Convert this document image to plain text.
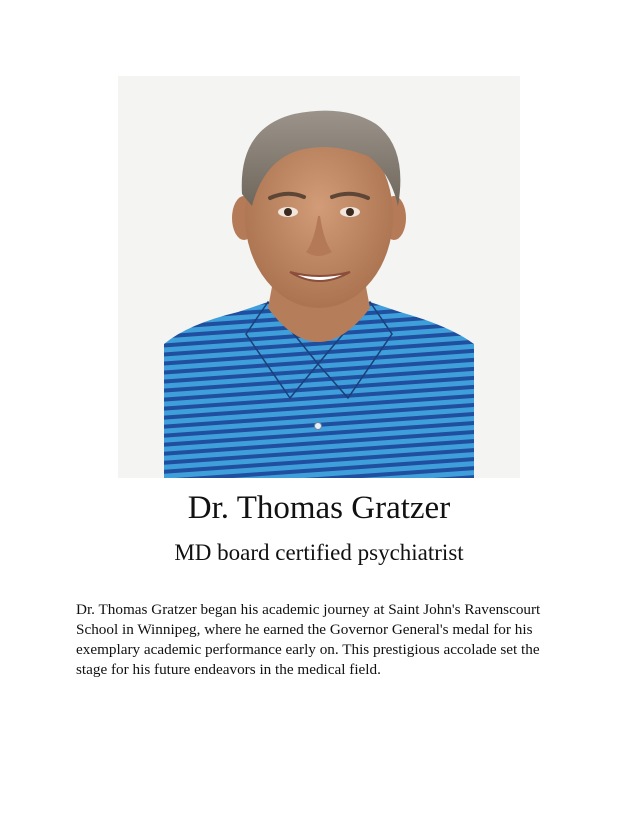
Dr. Thomas Gratzer

MD board certified psychiatrist

Dr. Thomas Gratzer began his academic journey at Saint John's Ravenscourt School in Winnipeg, where he earned the Governor General's medal for his exemplary academic performance early on. This prestigious accolade set the stage for his future endeavors in the medical field.
